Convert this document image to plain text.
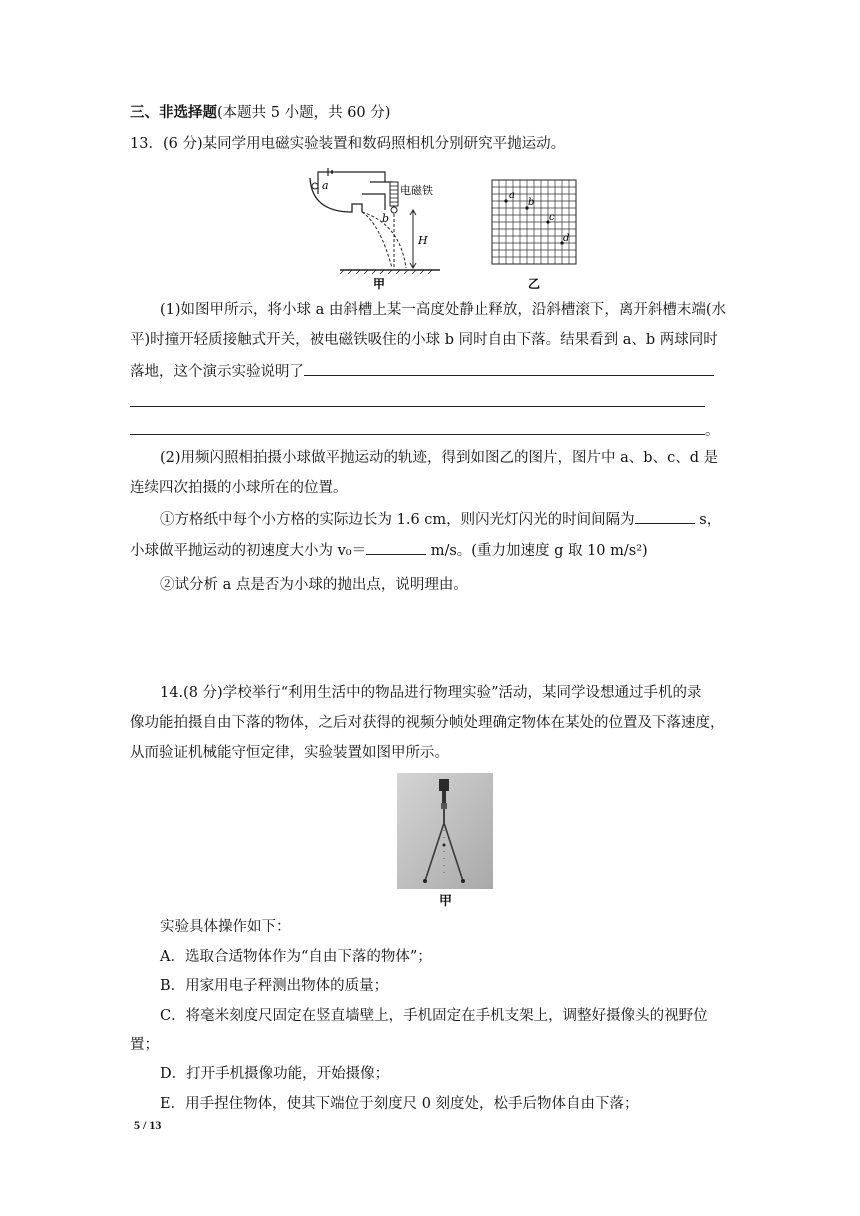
三、非选择题(本题共 5 小题，共 60 分)
13．(6 分)某同学用电磁实验装置和数码照相机分别研究平抛运动。
a
b
电磁铁
H
甲
a
b
c
d
乙
(1)如图甲所示，将小球 a 由斜槽上某一高度处静止释放，沿斜槽滚下，离开斜槽末端(水
平)时撞开轻质接触式开关，被电磁铁吸住的小球 b 同时自由下落。结果看到 a、b 两球同时
落地，这个演示实验说明了
。
(2)用频闪照相拍摄小球做平抛运动的轨迹，得到如图乙的图片，图片中 a、b、c、d 是
连续四次拍摄的小球所在的位置。
①方格纸中每个小方格的实际边长为 1.6 cm，则闪光灯闪光的时间间隔为	s，
小球做平抛运动的初速度大小为 v₀＝	m/s。(重力加速度 g 取 10 m/s²)
②试分析 a 点是否为小球的抛出点，说明理由。
14.(8 分)学校举行“利用生活中的物品进行物理实验”活动，某同学设想通过手机的录
像功能拍摄自由下落的物体，之后对获得的视频分帧处理确定物体在某处的位置及下落速度，
从而验证机械能守恒定律，实验装置如图甲所示。
甲
实验具体操作如下：
A．选取合适物体作为“自由下落的物体”；
B．用家用电子秤测出物体的质量；
C．将毫米刻度尺固定在竖直墙壁上，手机固定在手机支架上，调整好摄像头的视野位
置；
D．打开手机摄像功能，开始摄像；
E．用手捏住物体，使其下端位于刻度尺 0 刻度处，松手后物体自由下落；
5 / 13
